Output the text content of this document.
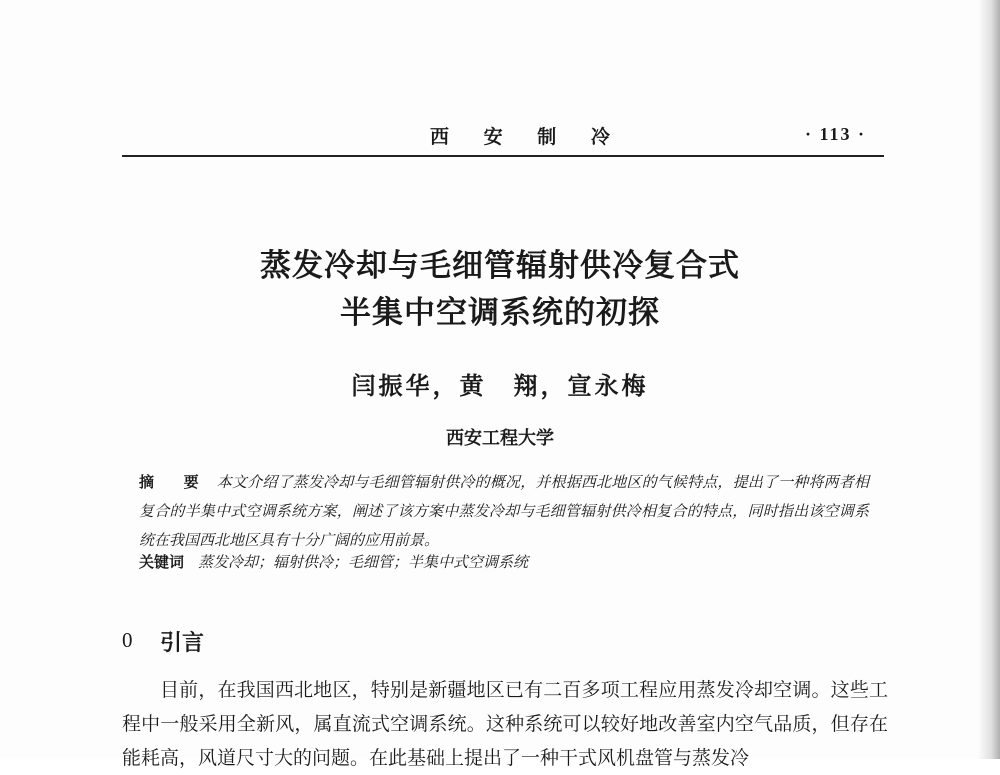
西 安 制 冷	· 113 ·
蒸发冷却与毛细管辐射供冷复合式
半集中空调系统的初探
闫振华，黄　翔，宣永梅
西安工程大学
摘 要 本文介绍了蒸发冷却与毛细管辐射供冷的概况，并根据西北地区的气候特点，提出了一种将两者相复合的半集中式空调系统方案，阐述了该方案中蒸发冷却与毛细管辐射供冷相复合的特点，同时指出该空调系统在我国西北地区具有十分广阔的应用前景。
关键词 蒸发冷却；辐射供冷；毛细管；半集中式空调系统
0 引言
目前，在我国西北地区，特别是新疆地区已有二百多项工程应用蒸发冷却空调。这些工程中一般采用全新风，属直流式空调系统。这种系统可以较好地改善室内空气品质，但存在能耗高，风道尺寸大的问题。在此基础上提出了一种干式风机盘管与蒸发冷
